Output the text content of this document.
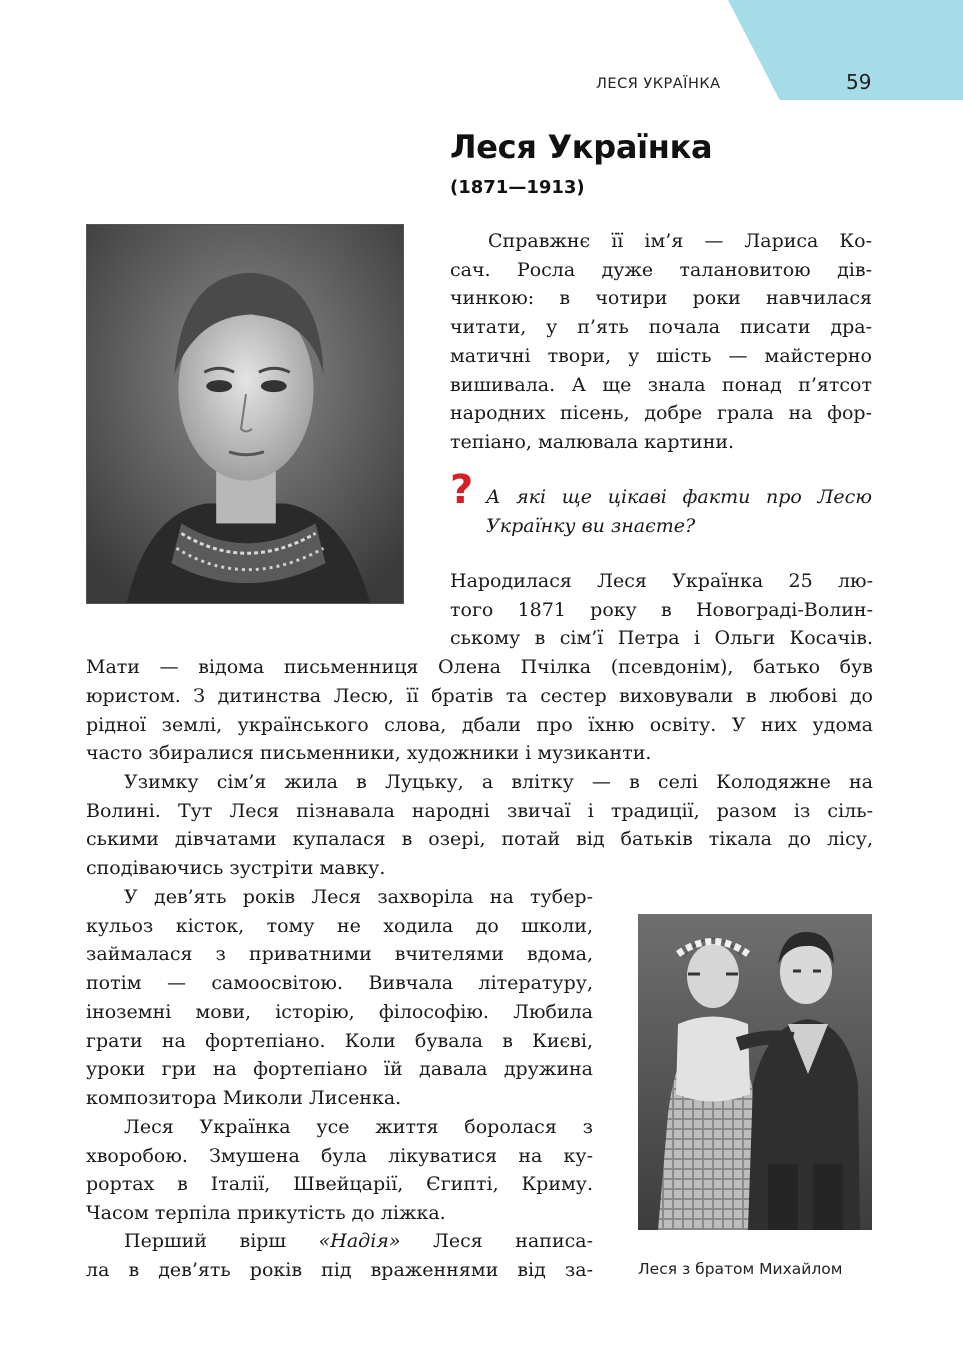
ЛЕСЯ УКРАЇНКА	59
Леся Українка
(1871—1913)

Справжнє її ім’я — Лариса Ко-
сач. Росла дуже талановитою дів-
чинкою: в чотири роки навчилася
читати, у п’ять почала писати дра-
матичні твори, у шість — майстерно
вишивала. А ще знала понад п’ятсот
народних пісень, добре грала на фор-
тепіано, малювала картини.

? А які ще цікаві факти про Лесю
Українку ви знаєте?

Народилася Леся Українка 25 лю-
того 1871 року в Новограді-Волин-
ському в сім’ї Петра і Ольги Косачів.
Мати — відома письменниця Олена Пчілка (псевдонім), батько був
юристом. З дитинства Лесю, її братів та сестер виховували в любові до
рідної землі, українського слова, дбали про їхню освіту. У них удома
часто збиралися письменники, художники і музиканти.

Узимку сім’я жила в Луцьку, а влітку — в селі Колодяжне на
Волині. Тут Леся пізнавала народні звичаї і традиції, разом із сіль-
ськими дівчатами купалася в озері, потай від батьків тікала до лісу,
сподіваючись зустріти мавку.

У дев’ять років Леся захворіла на тубер-
кульоз кісток, тому не ходила до школи,
займалася з приватними вчителями вдома,
потім — самоосвітою. Вивчала літературу,
іноземні мови, історію, філософію. Любила
грати на фортепіано. Коли бувала в Києві,
уроки гри на фортепіано їй давала дружина
композитора Миколи Лисенка.

Леся Українка усе життя боролася з
хворобою. Змушена була лікуватися на ку-
рортах в Італії, Швейцарії, Єгипті, Криму.
Часом терпіла прикутість до ліжка.

Перший вірш «Надія» Леся написа-
ла в дев’ять років під враженнями від за-	Леся з братом Михайлом
